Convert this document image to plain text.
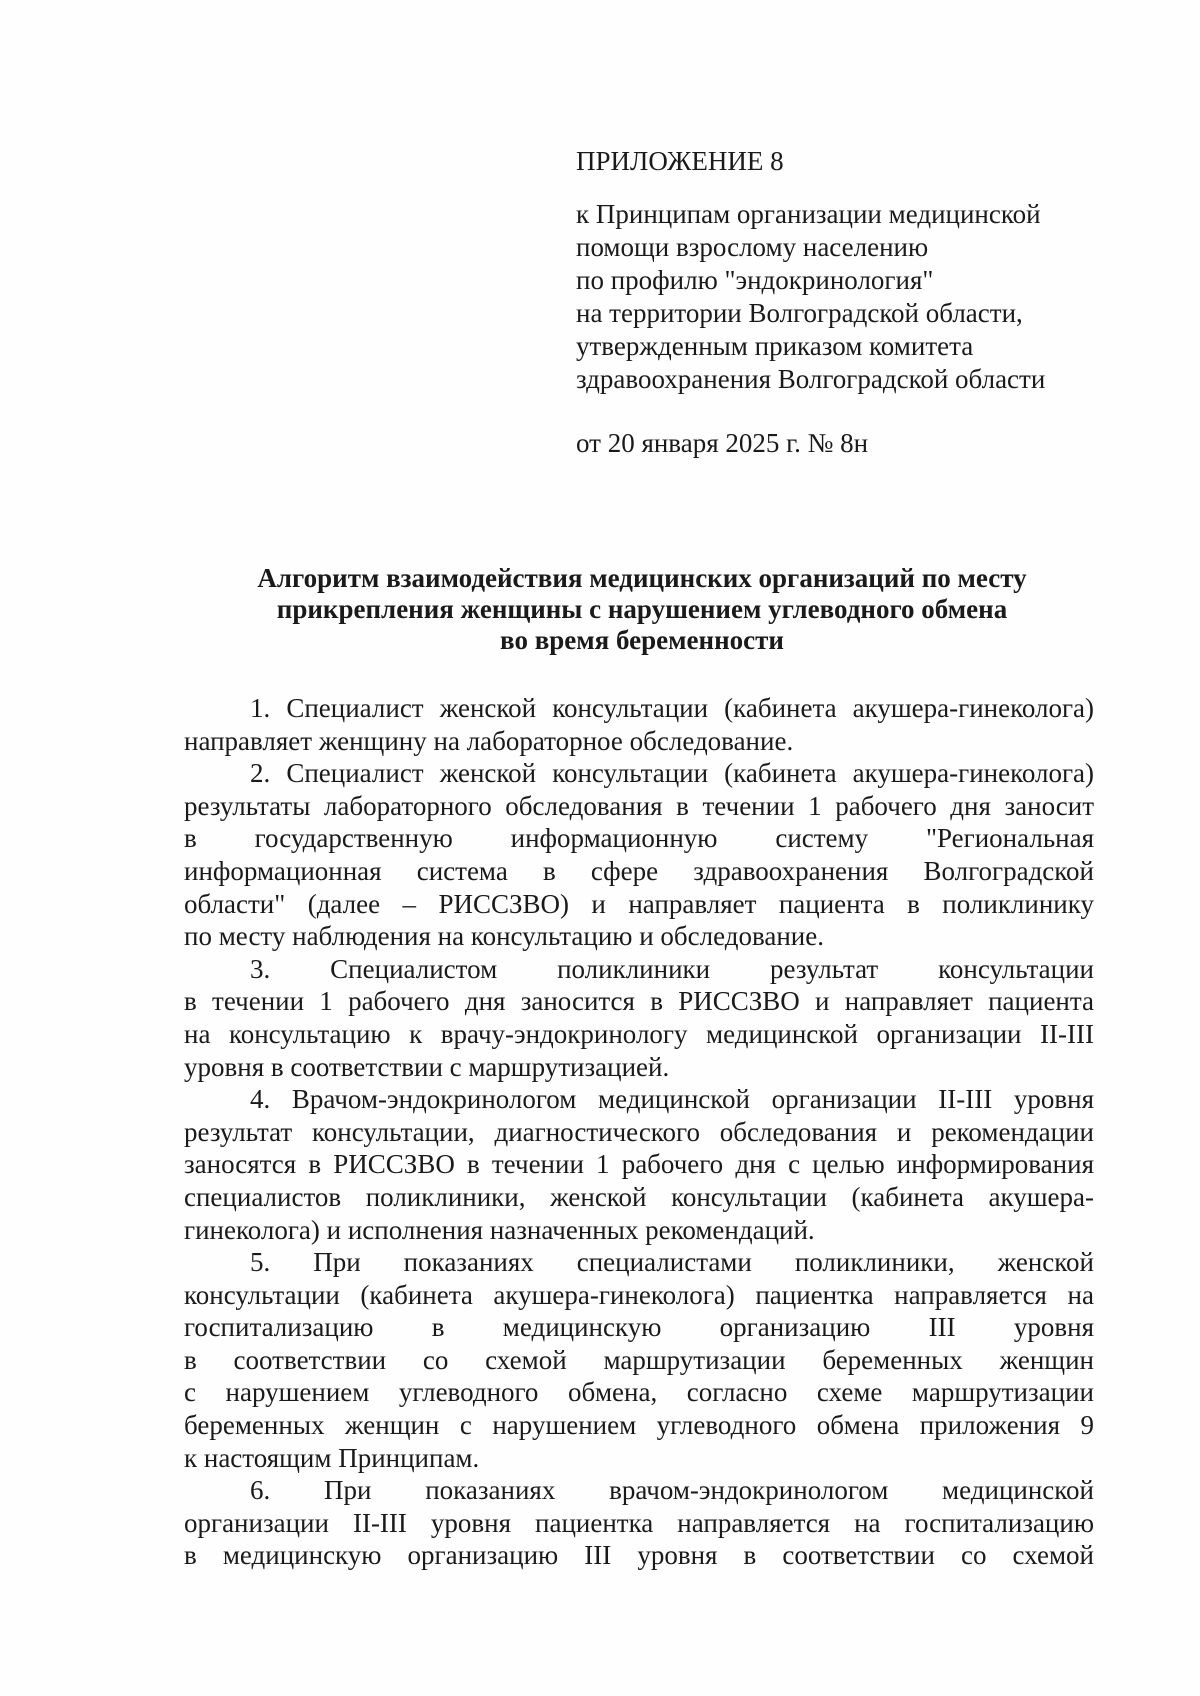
ПРИЛОЖЕНИЕ 8
к Принципам организации медицинской
помощи взрослому населению
по профилю "эндокринология"
на территории Волгоградской области,
утвержденным приказом комитета
здравоохранения Волгоградской области
от 20 января 2025 г. № 8н
Алгоритм взаимодействия медицинских организаций по месту
прикрепления женщины с нарушением углеводного обмена
во время беременности
1. Специалист женской консультации (кабинета акушера-гинеколога)
направляет женщину на лабораторное обследование.
2. Специалист женской консультации (кабинета акушера-гинеколога)
результаты лабораторного обследования в течении 1 рабочего дня заносит
в государственную информационную систему "Региональная
информационная система в сфере здравоохранения Волгоградской
области" (далее – РИССЗВО) и направляет пациента в поликлинику
по месту наблюдения на консультацию и обследование.
3. Специалистом поликлиники результат консультации
в течении 1 рабочего дня заносится в РИССЗВО и направляет пациента
на консультацию к врачу-эндокринологу медицинской организации II-III
уровня в соответствии с маршрутизацией.
4. Врачом-эндокринологом медицинской организации II-III уровня
результат консультации, диагностического обследования и рекомендации
заносятся в РИССЗВО в течении 1 рабочего дня с целью информирования
специалистов поликлиники, женской консультации (кабинета акушера-
гинеколога) и исполнения назначенных рекомендаций.
5. При показаниях специалистами поликлиники, женской
консультации (кабинета акушера-гинеколога) пациентка направляется на
госпитализацию в медицинскую организацию III уровня
в соответствии со схемой маршрутизации беременных женщин
с нарушением углеводного обмена, согласно схеме маршрутизации
беременных женщин с нарушением углеводного обмена приложения 9
к настоящим Принципам.
6. При показаниях врачом-эндокринологом медицинской
организации II-III уровня пациентка направляется на госпитализацию
в медицинскую организацию III уровня в соответствии со схемой
